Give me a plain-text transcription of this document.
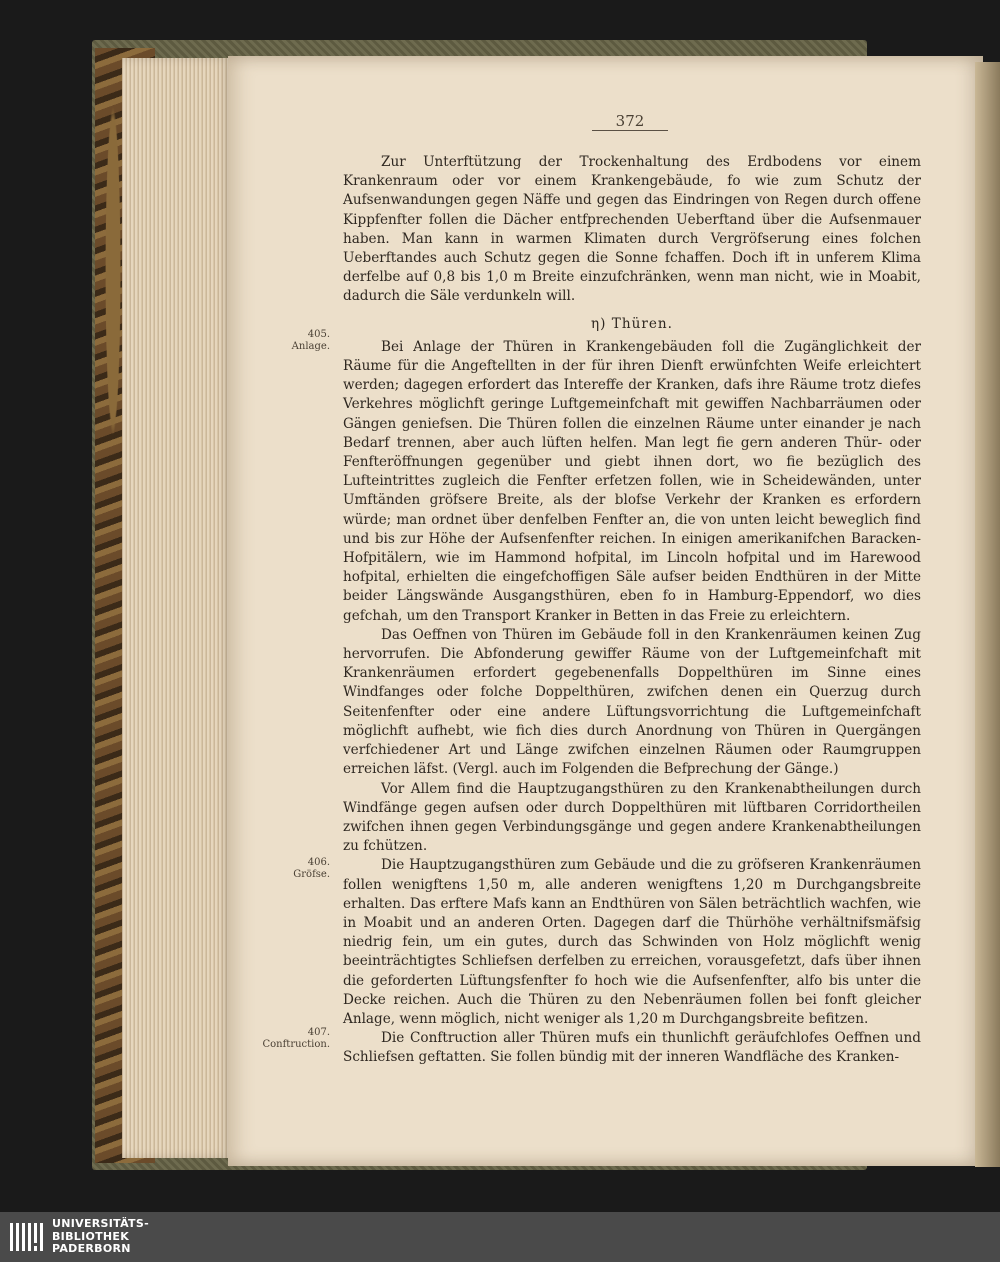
372
405.
Anlage.
406.
Gröfse.
407.
Conftruction.

Zur Unterftützung der Trockenhaltung des Erdbodens vor einem Krankenraum oder vor einem Krankengebäude, fo wie zum Schutz der Aufsenwandungen gegen Näffe und gegen das Eindringen von Regen durch offene Kippfenfter follen die Dächer entfprechenden Ueberftand über die Aufsenmauer haben. Man kann in warmen Klimaten durch Vergröfserung eines folchen Ueberftandes auch Schutz gegen die Sonne fchaffen. Doch ift in unferem Klima derfelbe auf 0,8 bis 1,0 m Breite einzufchränken, wenn man nicht, wie in Moabit, dadurch die Säle verdunkeln will.

η) Thüren.

Bei Anlage der Thüren in Krankengebäuden foll die Zugänglichkeit der Räume für die Angeftellten in der für ihren Dienft erwünfchten Weife erleichtert werden; dagegen erfordert das Intereffe der Kranken, dafs ihre Räume trotz diefes Verkehres möglichft geringe Luftgemeinfchaft mit gewiffen Nachbarräumen oder Gängen geniefsen. Die Thüren follen die einzelnen Räume unter einander je nach Bedarf trennen, aber auch lüften helfen. Man legt fie gern anderen Thür- oder Fenfteröffnungen gegenüber und giebt ihnen dort, wo fie bezüglich des Lufteintrittes zugleich die Fenfter erfetzen follen, wie in Scheidewänden, unter Umftänden gröfsere Breite, als der blofse Verkehr der Kranken es erfordern würde; man ordnet über denfelben Fenfter an, die von unten leicht beweglich find und bis zur Höhe der Aufsenfenfter reichen. In einigen amerikanifchen Baracken-Hofpitälern, wie im Hammond hofpital, im Lincoln hofpital und im Harewood hofpital, erhielten die eingefchoffigen Säle aufser beiden Endthüren in der Mitte beider Längswände Ausgangsthüren, eben fo in Hamburg-Eppendorf, wo dies gefchah, um den Transport Kranker in Betten in das Freie zu erleichtern.

Das Oeffnen von Thüren im Gebäude foll in den Krankenräumen keinen Zug hervorrufen. Die Abfonderung gewiffer Räume von der Luftgemeinfchaft mit Krankenräumen erfordert gegebenenfalls Doppelthüren im Sinne eines Windfanges oder folche Doppelthüren, zwifchen denen ein Querzug durch Seitenfenfter oder eine andere Lüftungsvorrichtung die Luftgemeinfchaft möglichft aufhebt, wie fich dies durch Anordnung von Thüren in Quergängen verfchiedener Art und Länge zwifchen einzelnen Räumen oder Raumgruppen erreichen läfst. (Vergl. auch im Folgenden die Befprechung der Gänge.)

Vor Allem find die Hauptzugangsthüren zu den Krankenabtheilungen durch Windfänge gegen aufsen oder durch Doppelthüren mit lüftbaren Corridortheilen zwifchen ihnen gegen Verbindungsgänge und gegen andere Krankenabtheilungen zu fchützen.

Die Hauptzugangsthüren zum Gebäude und die zu gröfseren Krankenräumen follen wenigftens 1,50 m, alle anderen wenigftens 1,20 m Durchgangsbreite erhalten. Das erftere Mafs kann an Endthüren von Sälen beträchtlich wachfen, wie in Moabit und an anderen Orten. Dagegen darf die Thürhöhe verhältnifsmäfsig niedrig fein, um ein gutes, durch das Schwinden von Holz möglichft wenig beeinträchtigtes Schliefsen derfelben zu erreichen, vorausgefetzt, dafs über ihnen die geforderten Lüftungsfenfter fo hoch wie die Aufsenfenfter, alfo bis unter die Decke reichen. Auch die Thüren zu den Nebenräumen follen bei fonft gleicher Anlage, wenn möglich, nicht weniger als 1,20 m Durchgangsbreite befitzen.

Die Conftruction aller Thüren mufs ein thunlichft geräufchlofes Oeffnen und Schliefsen geftatten. Sie follen bündig mit der inneren Wandfläche des Kranken-

UNIVERSITÄTS-
BIBLIOTHEK
PADERBORN
